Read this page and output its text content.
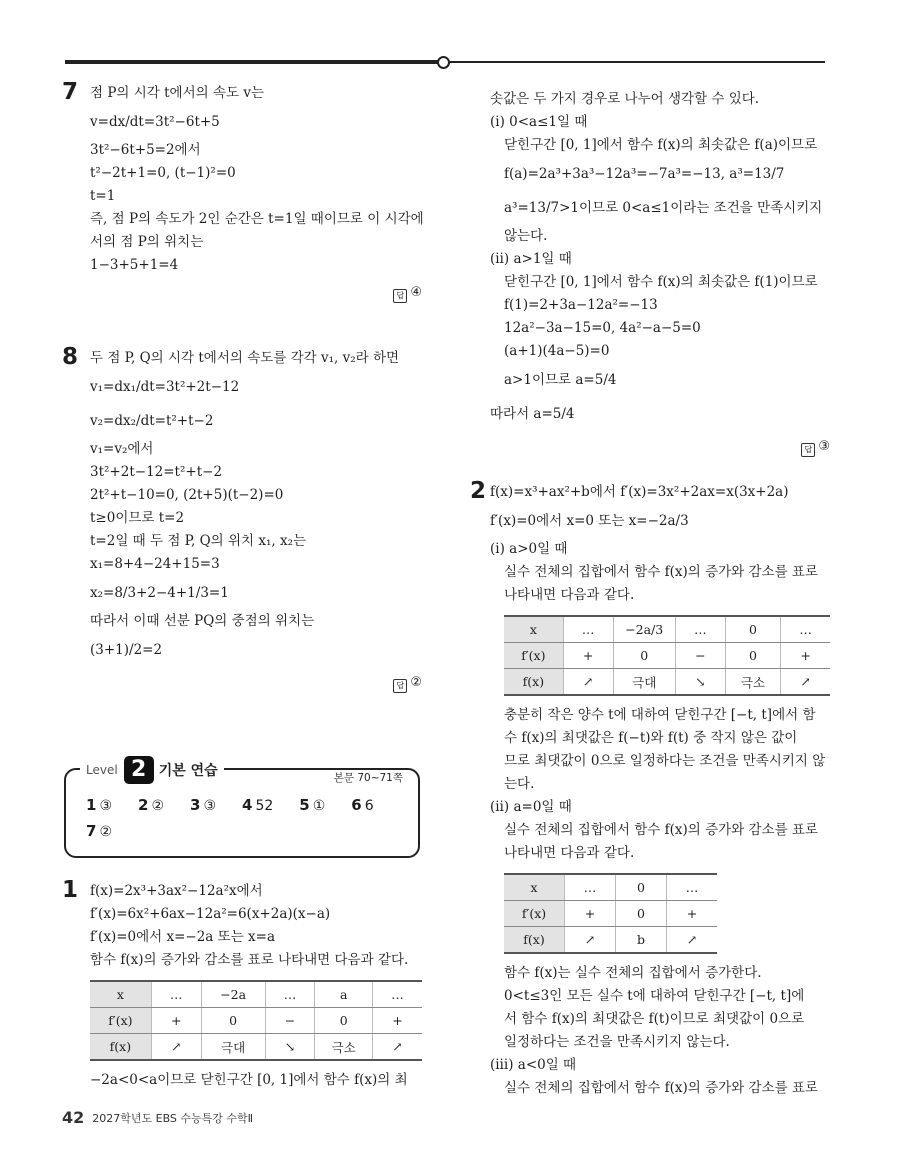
7 점 P의 시각 t에서의 속도 v는
v=dx/dt=3t²−6t+5
3t²−6t+5=2에서
t²−2t+1=0, (t−1)²=0
t=1
즉, 점 P의 속도가 2인 순간은 t=1일 때이므로 이 시각에
서의 점 P의 위치는
1−3+5+1=4
답 ④
8 두 점 P, Q의 시각 t에서의 속도를 각각 v₁, v₂라 하면
v₁=dx₁/dt=3t²+2t−12
v₂=dx₂/dt=t²+t−2
v₁=v₂에서
3t²+2t−12=t²+t−2
2t²+t−10=0, (2t+5)(t−2)=0
t≥0이므로 t=2
t=2일 때 두 점 P, Q의 위치 x₁, x₂는
x₁=8+4−24+15=3
x₂=8/3+2−4+1/3=1
따라서 이때 선분 PQ의 중점의 위치는
(3+1)/2=2
답 ②
Level 2 기본 연습	본문 70~71쪽
1 ③ 2 ② 3 ③ 4 52 5 ① 6 6
7 ②
1 f(x)=2x³+3ax²−12a²x에서
f′(x)=6x²+6ax−12a²=6(x+2a)(x−a)
f′(x)=0에서 x=−2a 또는 x=a
함수 f(x)의 증가와 감소를 표로 나타내면 다음과 같다.
x	…	−2a	…	a	…
f′(x)	+	0	−	0	+
f(x)	↗	극대	↘	극소	↗
−2a<0<a이므로 닫힌구간 [0, 1]에서 함수 f(x)의 최
솟값은 두 가지 경우로 나누어 생각할 수 있다.
(ⅰ) 0<a≤1일 때
닫힌구간 [0, 1]에서 함수 f(x)의 최솟값은 f(a)이므로
f(a)=2a³+3a³−12a³=−7a³=−13, a³=13/7
a³=13/7>1이므로 0<a≤1이라는 조건을 만족시키지
않는다.
(ⅱ) a>1일 때
닫힌구간 [0, 1]에서 함수 f(x)의 최솟값은 f(1)이므로
f(1)=2+3a−12a²=−13
12a²−3a−15=0, 4a²−a−5=0
(a+1)(4a−5)=0
a>1이므로 a=5/4
따라서 a=5/4
답 ③
2 f(x)=x³+ax²+b에서 f′(x)=3x²+2ax=x(3x+2a)
f′(x)=0에서 x=0 또는 x=−2a/3
(ⅰ) a>0일 때
실수 전체의 집합에서 함수 f(x)의 증가와 감소를 표로
나타내면 다음과 같다.
x	…	−2a/3	…	0	…
f′(x)	+	0	−	0	+
f(x)	↗	극대	↘	극소	↗
충분히 작은 양수 t에 대하여 닫힌구간 [−t, t]에서 함
수 f(x)의 최댓값은 f(−t)와 f(t) 중 작지 않은 값이
므로 최댓값이 0으로 일정하다는 조건을 만족시키지 않
는다.
(ⅱ) a=0일 때
실수 전체의 집합에서 함수 f(x)의 증가와 감소를 표로
나타내면 다음과 같다.
x	…	0	…
f′(x)	+	0	+
f(x)	↗	b	↗
함수 f(x)는 실수 전체의 집합에서 증가한다.
0<t≤3인 모든 실수 t에 대하여 닫힌구간 [−t, t]에
서 함수 f(x)의 최댓값은 f(t)이므로 최댓값이 0으로
일정하다는 조건을 만족시키지 않는다.
(ⅲ) a<0일 때
실수 전체의 집합에서 함수 f(x)의 증가와 감소를 표로
42 2027학년도 EBS 수능특강 수학Ⅱ
